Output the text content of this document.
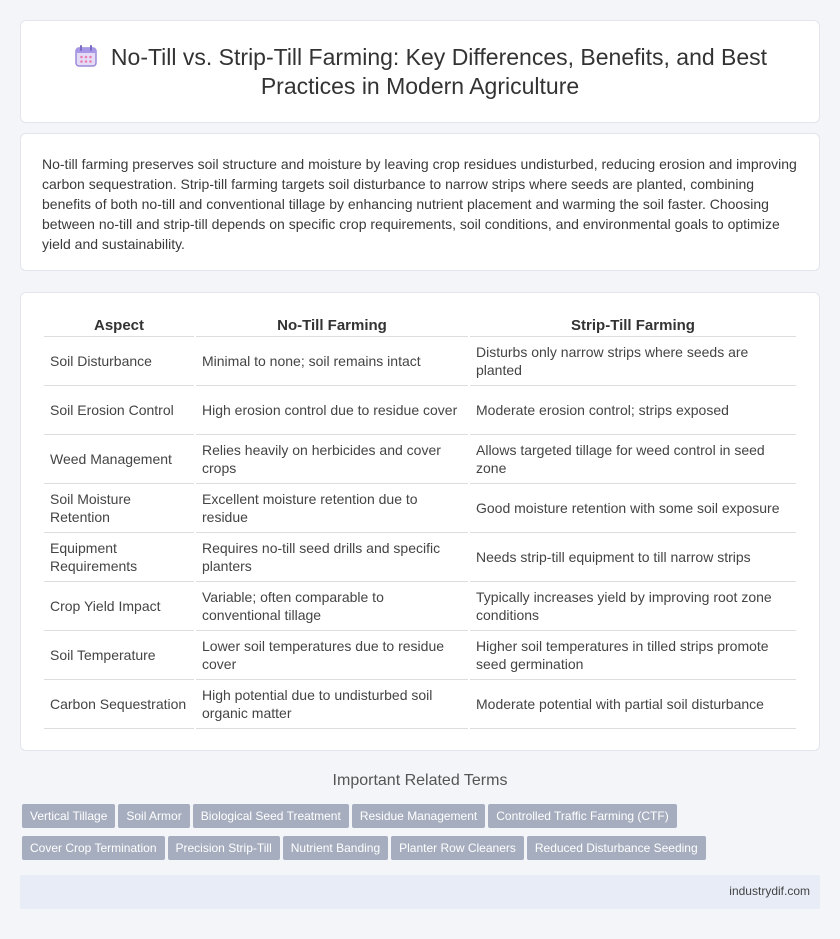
No-Till vs. Strip-Till Farming: Key Differences, Benefits, and Best Practices in Modern Agriculture

No-till farming preserves soil structure and moisture by leaving crop residues undisturbed, reducing erosion and improving carbon sequestration. Strip-till farming targets soil disturbance to narrow strips where seeds are planted, combining benefits of both no-till and conventional tillage by enhancing nutrient placement and warming the soil faster. Choosing between no-till and strip-till depends on specific crop requirements, soil conditions, and environmental goals to optimize yield and sustainability.

Aspect	No-Till Farming	Strip-Till Farming
Soil Disturbance	Minimal to none; soil remains intact	Disturbs only narrow strips where seeds are planted
Soil Erosion Control	High erosion control due to residue cover	Moderate erosion control; strips exposed
Weed Management	Relies heavily on herbicides and cover crops	Allows targeted tillage for weed control in seed zone
Soil Moisture Retention	Excellent moisture retention due to residue	Good moisture retention with some soil exposure
Equipment Requirements	Requires no-till seed drills and specific planters	Needs strip-till equipment to till narrow strips
Crop Yield Impact	Variable; often comparable to conventional tillage	Typically increases yield by improving root zone conditions
Soil Temperature	Lower soil temperatures due to residue cover	Higher soil temperatures in tilled strips promote seed germination
Carbon Sequestration	High potential due to undisturbed soil organic matter	Moderate potential with partial soil disturbance
Important Related Terms
Vertical Tillage Soil Armor Biological Seed Treatment Residue Management Controlled Traffic Farming (CTF)
Cover Crop Termination Precision Strip-Till Nutrient Banding Planter Row Cleaners Reduced Disturbance Seeding
industrydif.com
